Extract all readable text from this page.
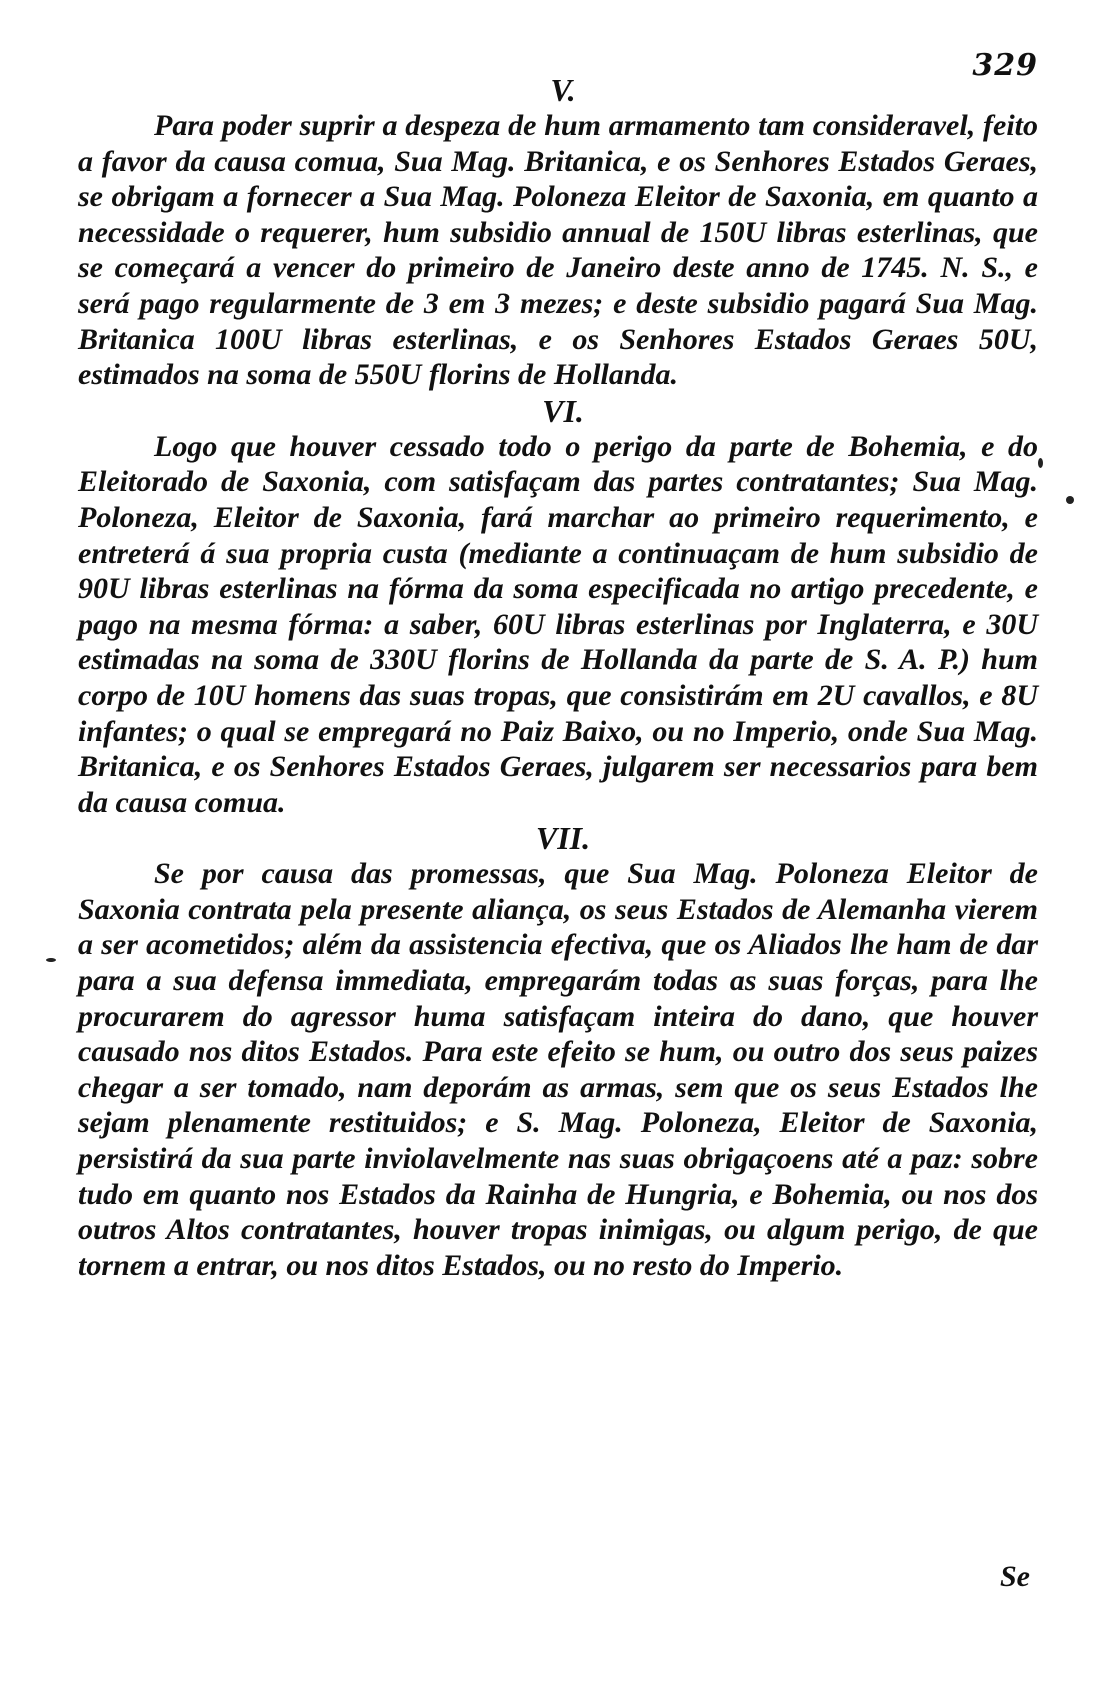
329
V.

Para poder suprir a despeza de hum armamento tam consideravel, feito a favor da causa comua, Sua Mag. Britanica, e os Senhores Estados Geraes, se obrigam a fornecer a Sua Mag. Poloneza Eleitor de Saxonia, em quanto a necessidade o requerer, hum subsidio annual de 150U libras esterlinas, que se começará a vencer do primeiro de Janeiro deste anno de 1745. N. S., e será pago regularmente de 3 em 3 mezes; e deste subsidio pagará Sua Mag. Britanica 100U libras esterlinas, e os Senhores Estados Geraes 50U, estimados na soma de 550U florins de Hollanda.

VI.

Logo que houver cessado todo o perigo da parte de Bohemia, e do Eleitorado de Saxonia, com satisfaçam das partes contratantes; Sua Mag. Poloneza, Eleitor de Saxonia, fará marchar ao primeiro requerimento, e entreterá á sua propria custa (mediante a continuaçam de hum subsidio de 90U libras esterlinas na fórma da soma especificada no artigo precedente, e pago na mesma fórma: a saber, 60U libras esterlinas por Inglaterra, e 30U estimadas na soma de 330U florins de Hollanda da parte de S. A. P.) hum corpo de 10U homens das suas tropas, que consistirám em 2U cavallos, e 8U infantes; o qual se empregará no Paiz Baixo, ou no Imperio, onde Sua Mag. Britanica, e os Senhores Estados Geraes, julgarem ser necessarios para bem da causa comua.

VII.

Se por causa das promessas, que Sua Mag. Poloneza Eleitor de Saxonia contrata pela presente aliança, os seus Estados de Alemanha vierem a ser acometidos; além da assistencia efectiva, que os Aliados lhe ham de dar para a sua defensa immediata, empregarám todas as suas forças, para lhe procurarem do agressor huma satisfaçam inteira do dano, que houver causado nos ditos Estados. Para este efeito se hum, ou outro dos seus paizes chegar a ser tomado, nam deporám as armas, sem que os seus Estados lhe sejam plenamente restituidos; e S. Mag. Poloneza, Eleitor de Saxonia, persistirá da sua parte inviolavelmente nas suas obrigaçoens até a paz: sobre tudo em quanto nos Estados da Rainha de Hungria, e Bohemia, ou nos dos outros Altos contratantes, houver tropas inimigas, ou algum perigo, de que tornem a entrar, ou nos ditos Estados, ou no resto do Imperio.

Se
